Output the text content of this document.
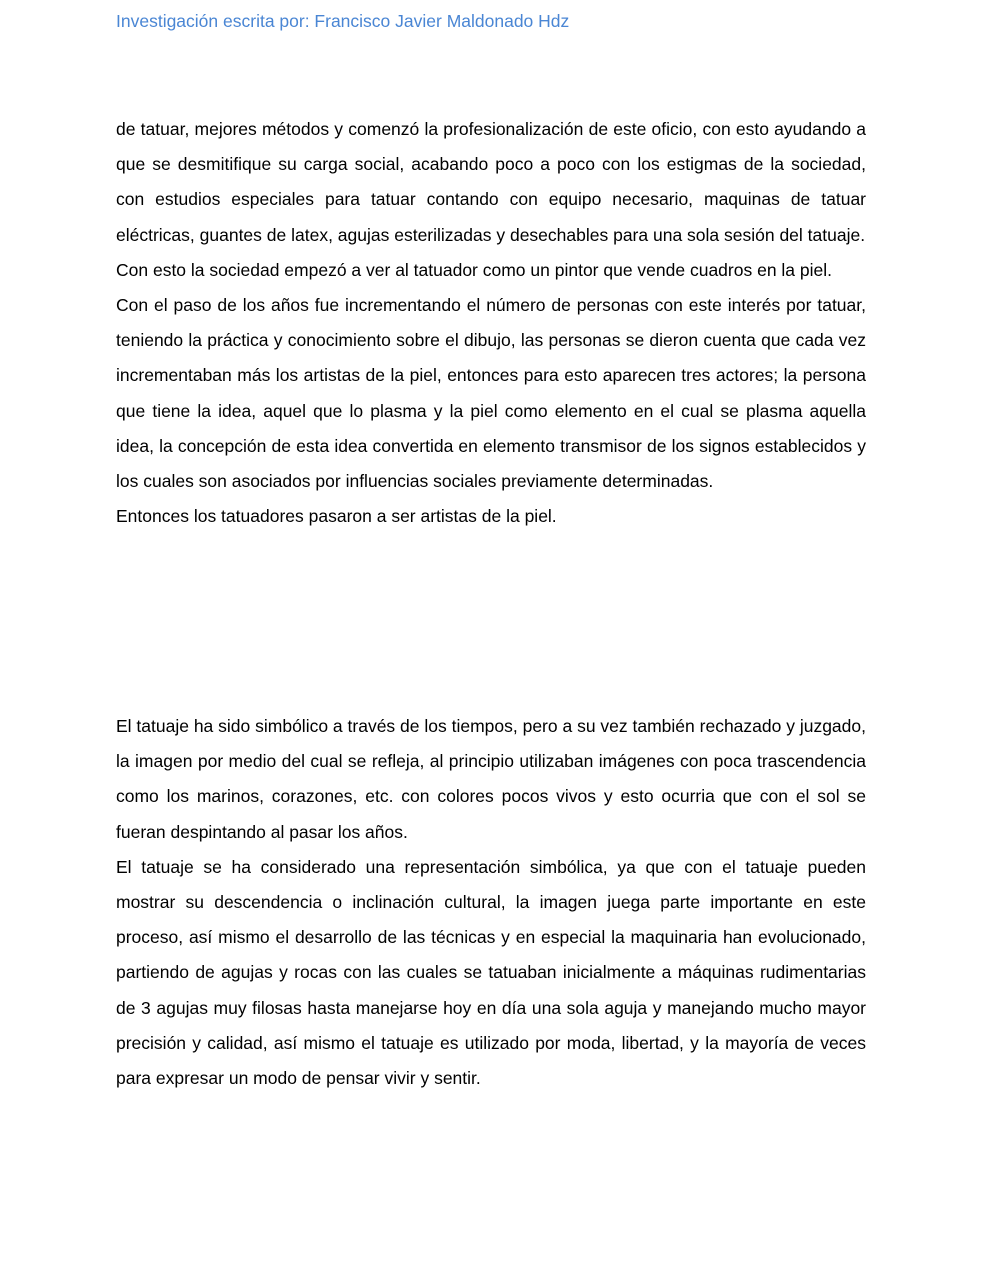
Investigación escrita por: Francisco Javier Maldonado Hdz

de tatuar, mejores métodos y comenzó la profesionalización de este oficio, con esto ayudando a que se desmitifique su carga social, acabando poco a poco con los estigmas de la sociedad, con estudios especiales para tatuar contando con equipo necesario, maquinas de tatuar eléctricas, guantes de latex, agujas esterilizadas y desechables para una sola sesión del tatuaje.

Con esto la sociedad empezó a ver al tatuador como un pintor que vende cuadros en la piel.

Con el paso de los años fue incrementando el número de personas con este interés por tatuar, teniendo la práctica y conocimiento sobre el dibujo, las personas se dieron cuenta que cada vez incrementaban más los artistas de la piel, entonces para esto aparecen tres actores; la persona que tiene la idea, aquel que lo plasma y la piel como elemento en el cual se plasma aquella idea, la concepción de esta idea convertida en elemento transmisor de los signos establecidos y los cuales son asociados por influencias sociales previamente determinadas.

Entonces los tatuadores pasaron a ser artistas de la piel.

El tatuaje ha sido simbólico a través de los tiempos, pero a su vez también rechazado y juzgado, la imagen por medio del cual se refleja, al principio utilizaban imágenes con poca trascendencia como los marinos, corazones, etc. con colores pocos vivos y esto ocurria que con el sol se fueran despintando al pasar los años.

El tatuaje se ha considerado una representación simbólica, ya que con el tatuaje pueden mostrar su descendencia o inclinación cultural, la imagen juega parte importante en este proceso, así mismo el desarrollo de las técnicas y en especial la maquinaria han evolucionado, partiendo de agujas y rocas con las cuales se tatuaban inicialmente a máquinas rudimentarias de 3 agujas muy filosas hasta manejarse hoy en día una sola aguja y manejando mucho mayor precisión y calidad, así mismo el tatuaje es utilizado por moda, libertad, y la mayoría de veces para expresar un modo de pensar vivir y sentir.
